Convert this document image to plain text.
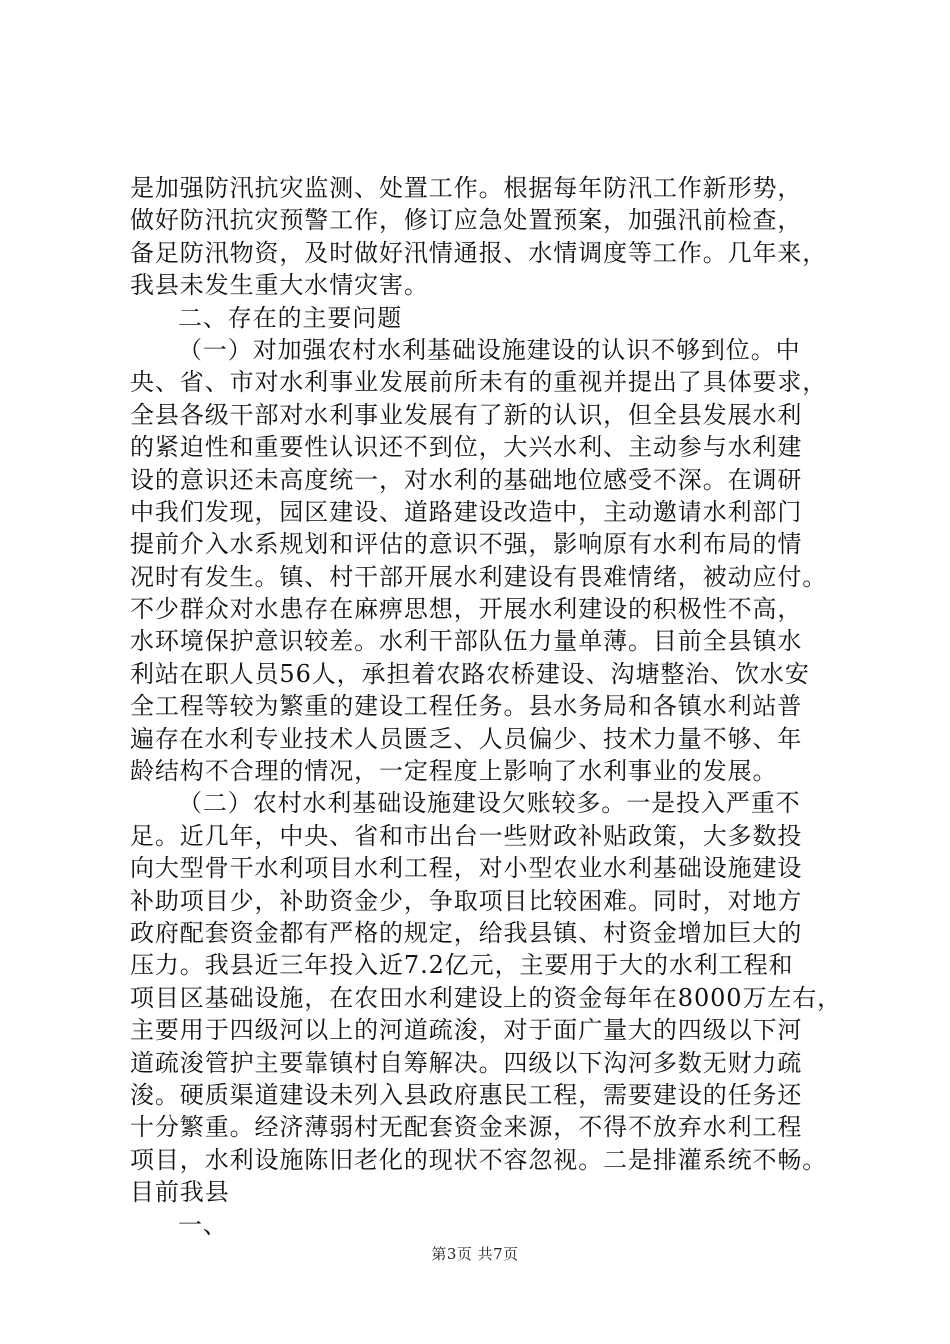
是加强防汛抗灾监测、处置工作。根据每年防汛工作新形势，
做好防汛抗灾预警工作，修订应急处置预案，加强汛前检查，
备足防汛物资，及时做好汛情通报、水情调度等工作。几年来，
我县未发生重大水情灾害。
二、存在的主要问题
（一）对加强农村水利基础设施建设的认识不够到位。中
央、省、市对水利事业发展前所未有的重视并提出了具体要求，
全县各级干部对水利事业发展有了新的认识，但全县发展水利
的紧迫性和重要性认识还不到位，大兴水利、主动参与水利建
设的意识还未高度统一，对水利的基础地位感受不深。在调研
中我们发现，园区建设、道路建设改造中，主动邀请水利部门
提前介入水系规划和评估的意识不强，影响原有水利布局的情
况时有发生。镇、村干部开展水利建设有畏难情绪，被动应付。
不少群众对水患存在麻痹思想，开展水利建设的积极性不高，
水环境保护意识较差。水利干部队伍力量单薄。目前全县镇水
利站在职人员56人，承担着农路农桥建设、沟塘整治、饮水安
全工程等较为繁重的建设工程任务。县水务局和各镇水利站普
遍存在水利专业技术人员匮乏、人员偏少、技术力量不够、年
龄结构不合理的情况，一定程度上影响了水利事业的发展。
（二）农村水利基础设施建设欠账较多。一是投入严重不
足。近几年，中央、省和市出台一些财政补贴政策，大多数投
向大型骨干水利项目水利工程，对小型农业水利基础设施建设
补助项目少，补助资金少，争取项目比较困难。同时，对地方
政府配套资金都有严格的规定，给我县镇、村资金增加巨大的
压力。我县近三年投入近7.2亿元，主要用于大的水利工程和
项目区基础设施，在农田水利建设上的资金每年在8000万左右，
主要用于四级河以上的河道疏浚，对于面广量大的四级以下河
道疏浚管护主要靠镇村自筹解决。四级以下沟河多数无财力疏
浚。硬质渠道建设未列入县政府惠民工程，需要建设的任务还
十分繁重。经济薄弱村无配套资金来源，不得不放弃水利工程
项目，水利设施陈旧老化的现状不容忽视。二是排灌系统不畅。
目前我县
一、
第3页 共7页
